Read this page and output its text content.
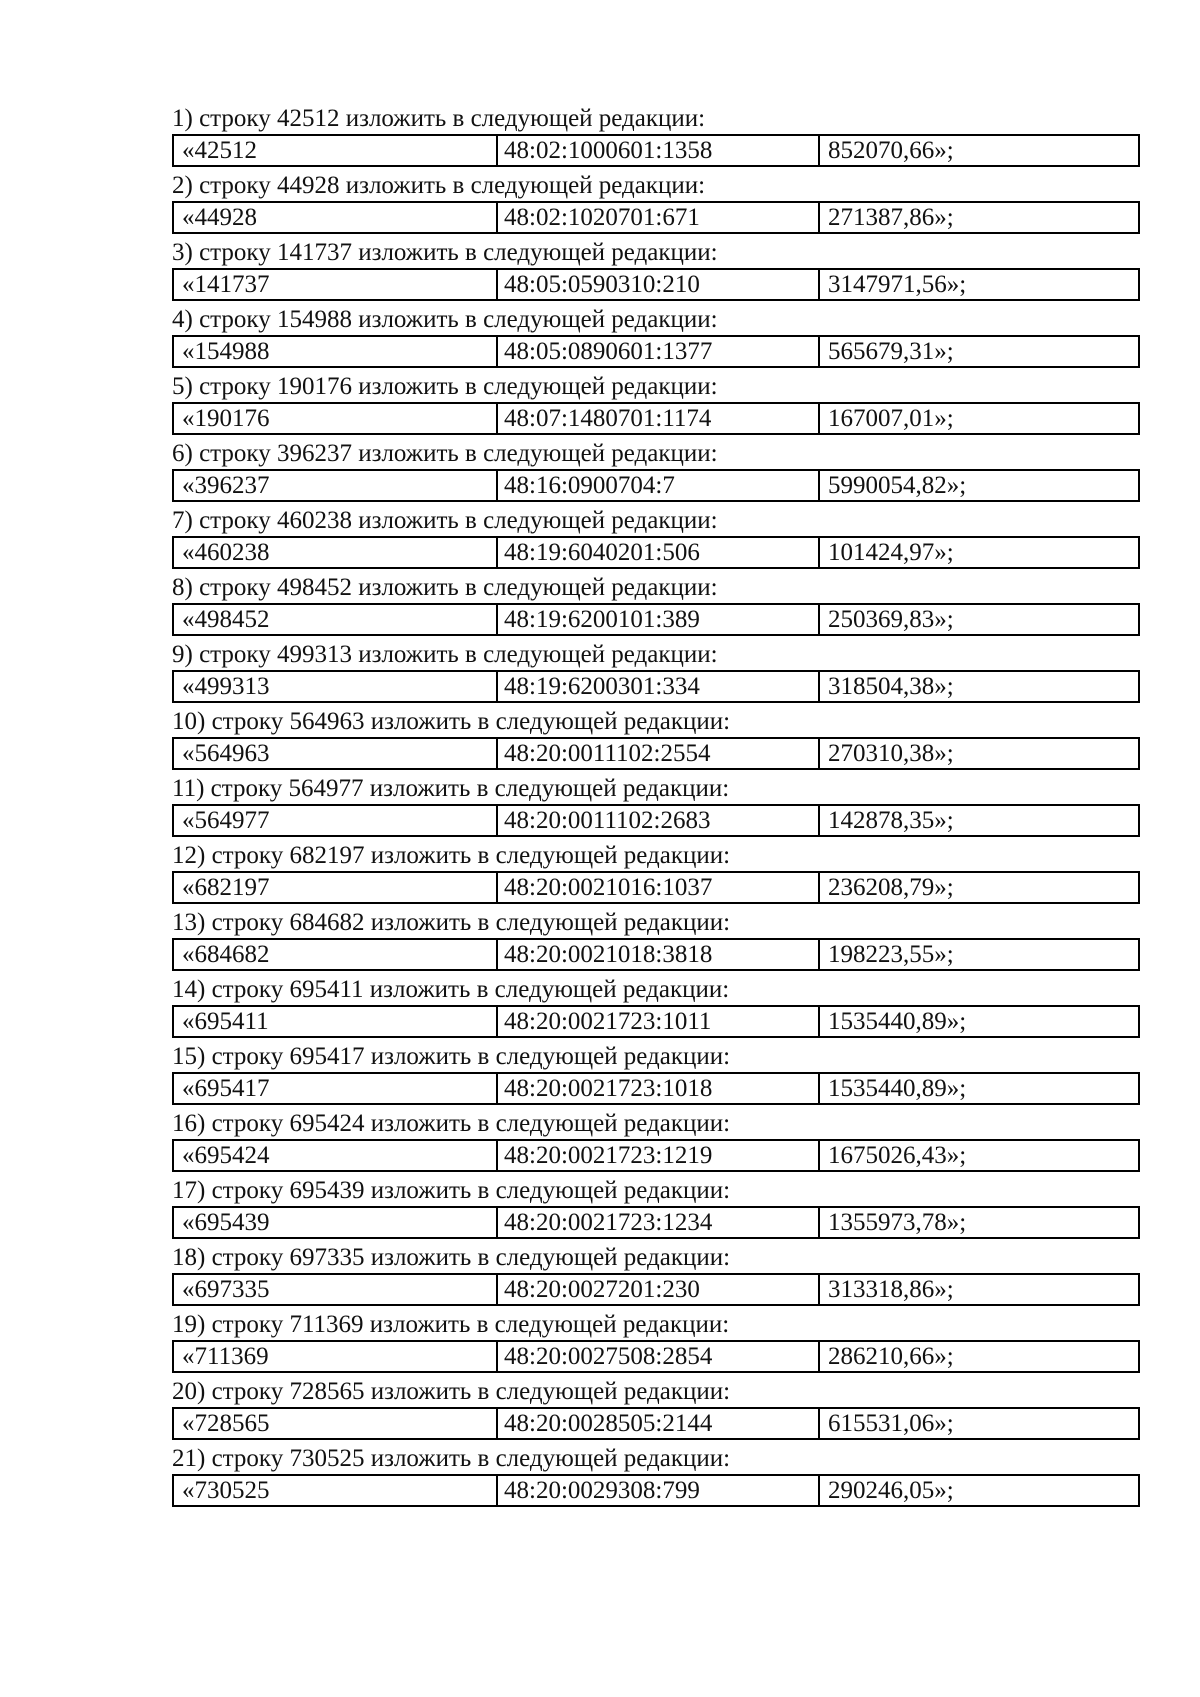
1) строку 42512 изложить в следующей редакции:
«42512	48:02:1000601:1358	852070,66»;
2) строку 44928 изложить в следующей редакции:
«44928	48:02:1020701:671	271387,86»;
3) строку 141737 изложить в следующей редакции:
«141737	48:05:0590310:210	3147971,56»;
4) строку 154988 изложить в следующей редакции:
«154988	48:05:0890601:1377	565679,31»;
5) строку 190176 изложить в следующей редакции:
«190176	48:07:1480701:1174	167007,01»;
6) строку 396237 изложить в следующей редакции:
«396237	48:16:0900704:7	5990054,82»;
7) строку 460238 изложить в следующей редакции:
«460238	48:19:6040201:506	101424,97»;
8) строку 498452 изложить в следующей редакции:
«498452	48:19:6200101:389	250369,83»;
9) строку 499313 изложить в следующей редакции:
«499313	48:19:6200301:334	318504,38»;
10) строку 564963 изложить в следующей редакции:
«564963	48:20:0011102:2554	270310,38»;
11) строку 564977 изложить в следующей редакции:
«564977	48:20:0011102:2683	142878,35»;
12) строку 682197 изложить в следующей редакции:
«682197	48:20:0021016:1037	236208,79»;
13) строку 684682 изложить в следующей редакции:
«684682	48:20:0021018:3818	198223,55»;
14) строку 695411 изложить в следующей редакции:
«695411	48:20:0021723:1011	1535440,89»;
15) строку 695417 изложить в следующей редакции:
«695417	48:20:0021723:1018	1535440,89»;
16) строку 695424 изложить в следующей редакции:
«695424	48:20:0021723:1219	1675026,43»;
17) строку 695439 изложить в следующей редакции:
«695439	48:20:0021723:1234	1355973,78»;
18) строку 697335 изложить в следующей редакции:
«697335	48:20:0027201:230	313318,86»;
19) строку 711369 изложить в следующей редакции:
«711369	48:20:0027508:2854	286210,66»;
20) строку 728565 изложить в следующей редакции:
«728565	48:20:0028505:2144	615531,06»;
21) строку 730525 изложить в следующей редакции:
«730525	48:20:0029308:799	290246,05»;
